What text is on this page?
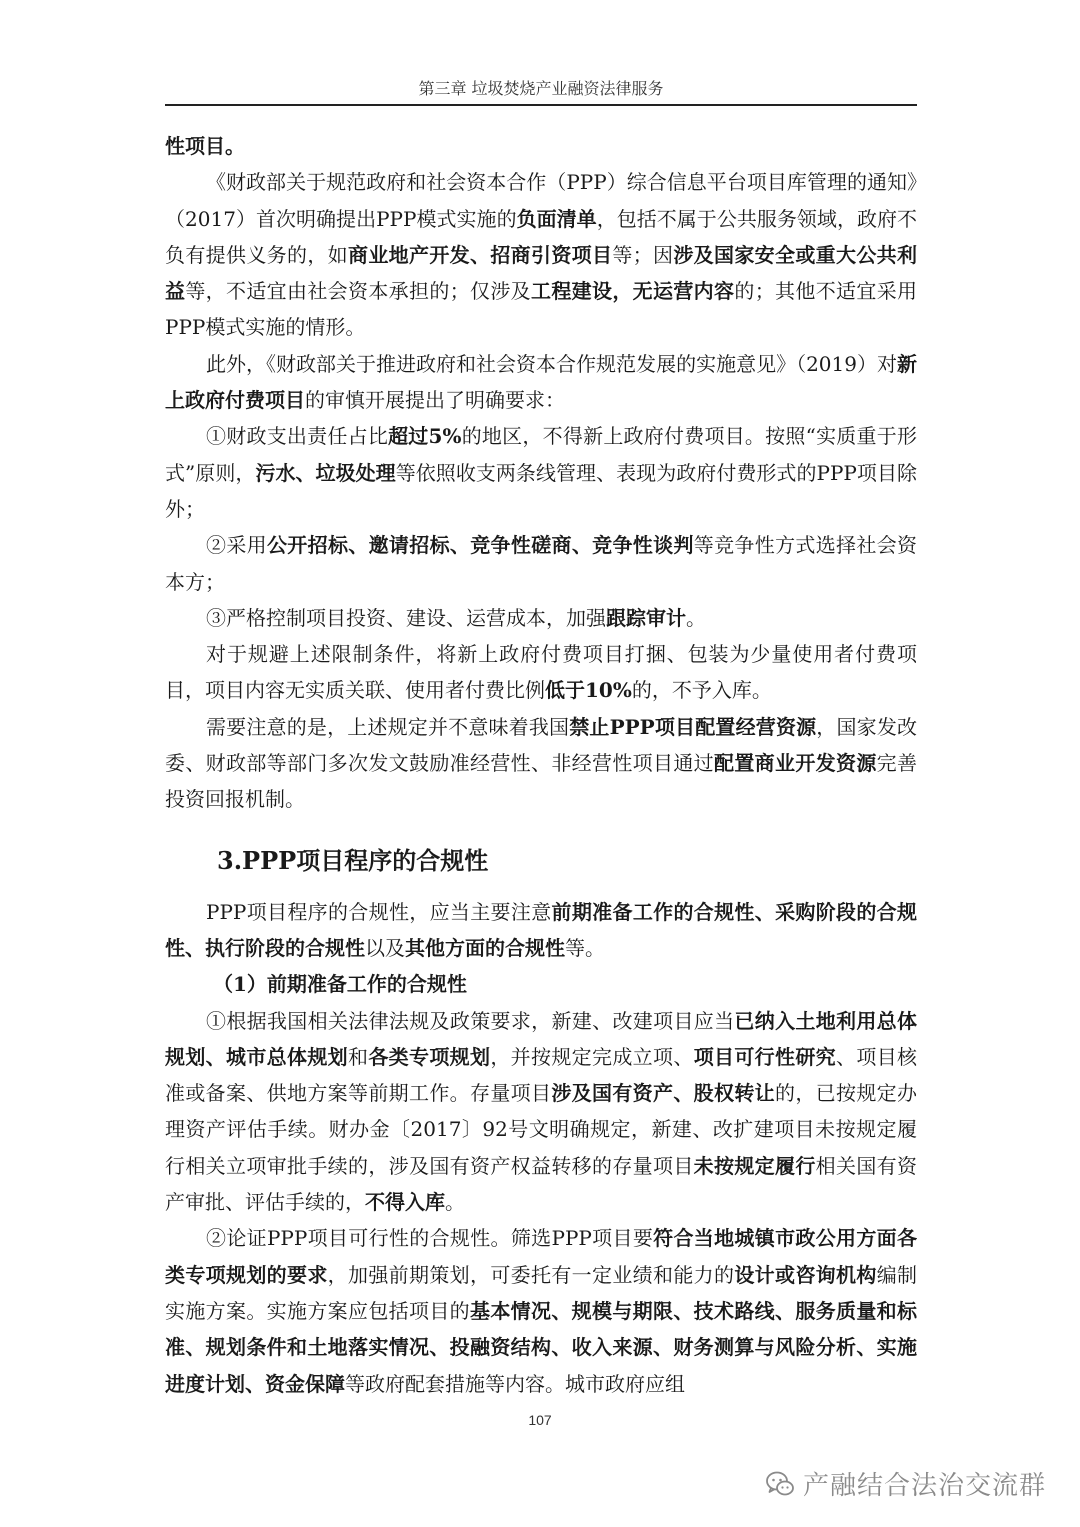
第三章 垃圾焚烧产业融资法律服务

性项目。

《财政部关于规范政府和社会资本合作（PPP）综合信息平台项目库管理的通知》（2017）首次明确提出PPP模式实施的负面清单，包括不属于公共服务领域，政府不负有提供义务的，如商业地产开发、招商引资项目等；因涉及国家安全或重大公共利益等，不适宜由社会资本承担的；仅涉及工程建设，无运营内容的；其他不适宜采用PPP模式实施的情形。

此外，《财政部关于推进政府和社会资本合作规范发展的实施意见》（2019）对新上政府付费项目的审慎开展提出了明确要求：

①财政支出责任占比超过5%的地区，不得新上政府付费项目。按照“实质重于形式”原则，污水、垃圾处理等依照收支两条线管理、表现为政府付费形式的PPP项目除外；

②采用公开招标、邀请招标、竞争性磋商、竞争性谈判等竞争性方式选择社会资本方；

③严格控制项目投资、建设、运营成本，加强跟踪审计。

对于规避上述限制条件，将新上政府付费项目打捆、包装为少量使用者付费项目，项目内容无实质关联、使用者付费比例低于10%的，不予入库。

需要注意的是，上述规定并不意味着我国禁止PPP项目配置经营资源，国家发改委、财政部等部门多次发文鼓励准经营性、非经营性项目通过配置商业开发资源完善投资回报机制。

3.PPP项目程序的合规性

PPP项目程序的合规性，应当主要注意前期准备工作的合规性、采购阶段的合规性、执行阶段的合规性以及其他方面的合规性等。

（1）前期准备工作的合规性

①根据我国相关法律法规及政策要求，新建、改建项目应当已纳入土地利用总体规划、城市总体规划和各类专项规划，并按规定完成立项、项目可行性研究、项目核准或备案、供地方案等前期工作。存量项目涉及国有资产、股权转让的，已按规定办理资产评估手续。财办金〔2017〕92号文明确规定，新建、改扩建项目未按规定履行相关立项审批手续的，涉及国有资产权益转移的存量项目未按规定履行相关国有资产审批、评估手续的，不得入库。

②论证PPP项目可行性的合规性。筛选PPP项目要符合当地城镇市政公用方面各类专项规划的要求，加强前期策划，可委托有一定业绩和能力的设计或咨询机构编制实施方案。实施方案应包括项目的基本情况、规模与期限、技术路线、服务质量和标准、规划条件和土地落实情况、投融资结构、收入来源、财务测算与风险分析、实施进度计划、资金保障等政府配套措施等内容。城市政府应组

107
产融结合法治交流群
